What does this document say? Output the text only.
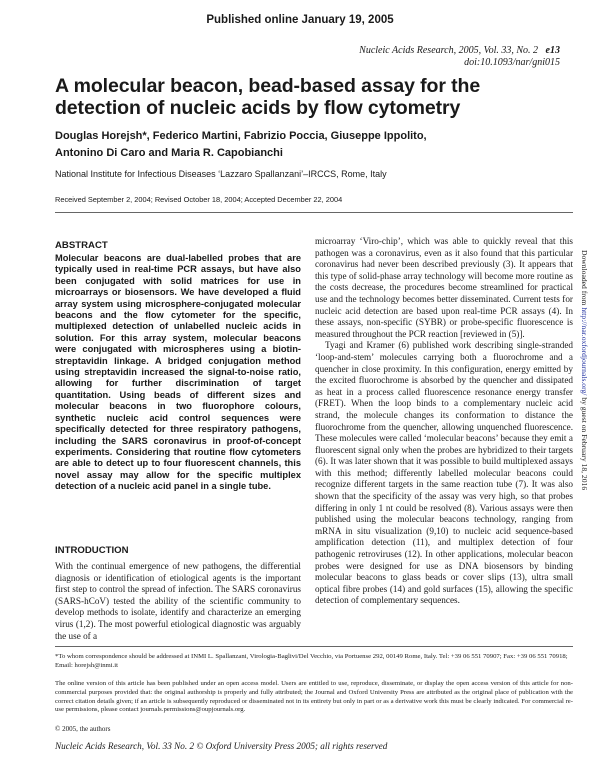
Published online January 19, 2005
Nucleic Acids Research, 2005, Vol. 33, No. 2 e13
doi:10.1093/nar/gni015
A molecular beacon, bead-based assay for the detection of nucleic acids by flow cytometry
Douglas Horejsh*, Federico Martini, Fabrizio Poccia, Giuseppe Ippolito,
Antonino Di Caro and Maria R. Capobianchi
National Institute for Infectious Diseases ‘Lazzaro Spallanzani’–IRCCS, Rome, Italy
Received September 2, 2004; Revised October 18, 2004; Accepted December 22, 2004
ABSTRACT
Molecular beacons are dual-labelled probes that are typically used in real-time PCR assays, but have also been conjugated with solid matrices for use in microarrays or biosensors. We have developed a fluid array system using microsphere-conjugated molecular beacons and the flow cytometer for the specific, multiplexed detection of unlabelled nucleic acids in solution. For this array system, molecular beacons were conjugated with microspheres using a biotin-streptavidin linkage. A bridged conjugation method using streptavidin increased the signal-to-noise ratio, allowing for further discrimination of target quantitation. Using beads of different sizes and molecular beacons in two fluorophore colours, synthetic nucleic acid control sequences were specifically detected for three respiratory pathogens, including the SARS coronavirus in proof-of-concept experiments. Considering that routine flow cytometers are able to detect up to four fluorescent channels, this novel assay may allow for the specific multiplex detection of a nucleic acid panel in a single tube.
INTRODUCTION
With the continual emergence of new pathogens, the differential diagnosis or identification of etiological agents is the important first step to control the spread of infection. The SARS coronavirus (SARS-hCoV) tested the ability of the scientific community to develop methods to isolate, identify and characterize an emerging virus (1,2). The most powerful etiological diagnostic was arguably the use of a

microarray ‘Viro-chip’, which was able to quickly reveal that this pathogen was a coronavirus, even as it also found that this particular coronavirus had never been described previously (3). It appears that this type of solid-phase array technology will become more routine as the costs decrease, the procedures become streamlined for practical use and the technology becomes better disseminated. Current tests for nucleic acid detection are based upon real-time PCR assays (4). In these assays, non-specific (SYBR) or probe-specific fluorescence is measured throughout the PCR reaction [reviewed in (5)].

Tyagi and Kramer (6) published work describing single-stranded ‘loop-and-stem’ molecules carrying both a fluorochrome and a quencher in close proximity. In this configuration, energy emitted by the excited fluorochrome is absorbed by the quencher and dissipated as heat in a process called fluorescence resonance energy transfer (FRET). When the loop binds to a complementary nucleic acid strand, the molecule changes its conformation to distance the fluorochrome from the quencher, allowing unquenched fluorescence. These molecules were called ‘molecular beacons’ because they emit a fluorescent signal only when the probes are hybridized to their targets (6). It was later shown that it was possible to build multiplexed assays with this method; differently labelled molecular beacons could recognize different targets in the same reaction tube (7). It was also shown that the specificity of the assay was very high, so that probes differing in only 1 nt could be resolved (8). Various assays were then published using the molecular beacons technology, ranging from mRNA in situ visualization (9,10) to nucleic acid sequence-based amplification detection (11), and multiplex detection of four pathogenic retroviruses (12). In other applications, molecular beacon probes were designed for use as DNA biosensors by binding molecular beacons to glass beads or cover slips (13), ultra small optical fibre probes (14) and gold surfaces (15), allowing the specific detection of complementary sequences.

*To whom correspondence should be addressed at INMI L. Spallanzani, Virologia-Baglivi/Del Vecchio, via Portuense 292, 00149 Rome, Italy. Tel: +39 06 551 70907; Fax: +39 06 551 70918; Email: horejsh@inmi.it
The online version of this article has been published under an open access model. Users are entitled to use, reproduce, disseminate, or display the open access version of this article for non-commercial purposes provided that: the original authorship is properly and fully attributed; the Journal and Oxford University Press are attributed as the original place of publication with the correct citation details given; if an article is subsequently reproduced or disseminated not in its entirety but only in part or as a derivative work this must be clearly indicated. For commercial re-use permissions, please contact journals.permissions@oupjournals.org.
© 2005, the authors
Nucleic Acids Research, Vol. 33 No. 2 © Oxford University Press 2005; all rights reserved
Downloaded from http://nar.oxfordjournals.org/ by guest on February 18, 2016
